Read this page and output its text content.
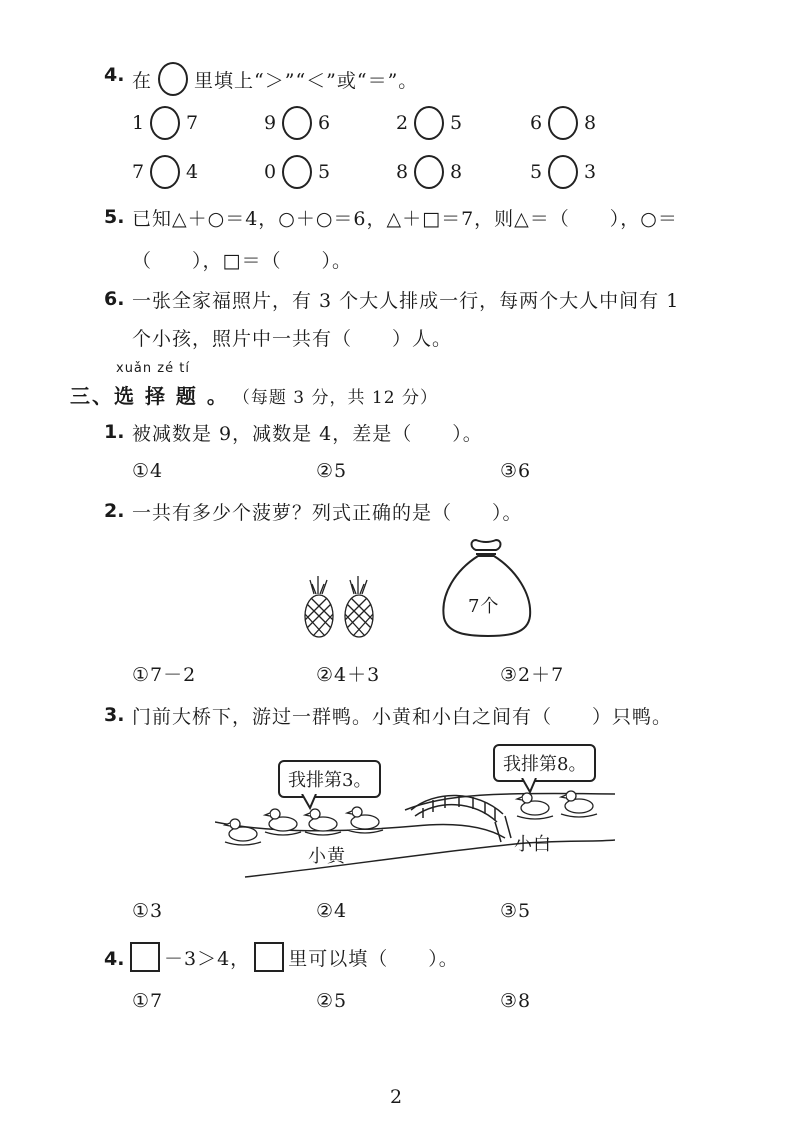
4. 在 里填上“＞”“＜”或“＝”。
1 7	9 6	2 5	6 8
7 4	0 5	8 8	5 3
5. 已知△＋○＝4，○＋○＝6，△＋□＝7，则△＝（　　），○＝
（　　），□＝（　　）。
6. 一张全家福照片，有 3 个大人排成一行，每两个大人中间有 1
个小孩，照片中一共有（　　）人。
xuǎn zé tí
三、选 择 题 。 （每题 3 分，共 12 分）
1. 被减数是 9，减数是 4，差是（　　）。
①4	②5	③6
2. 一共有多少个菠萝？列式正确的是（　　）。
7个
①7－2	②4＋3	③2＋7
3. 门前大桥下，游过一群鸭。小黄和小白之间有（　　）只鸭。
我排第3。
我排第8。
小黄
小白
①3	②4	③5
4. －3＞4， 里可以填（　　）。
①7	②5	③8
2
